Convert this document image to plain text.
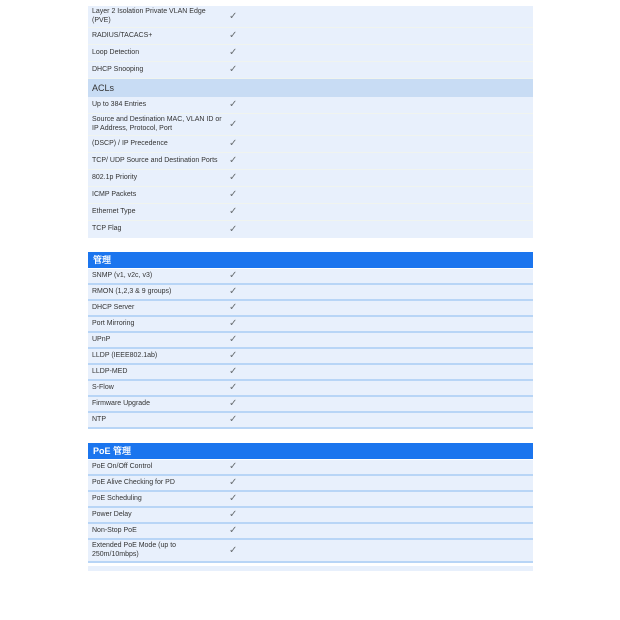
Layer 2 Isolation Private VLAN Edge (PVE)	✓
RADIUS/TACACS+	✓
Loop Detection	✓
DHCP Snooping	✓
ACLs
Up to 384 Entries	✓
Source and Destination MAC, VLAN ID or IP Address, Protocol, Port	✓
(DSCP) / IP Precedence	✓
TCP/ UDP Source and Destination Ports	✓
802.1p Priority	✓
ICMP Packets	✓
Ethernet Type	✓
TCP Flag	✓
管理
SNMP (v1, v2c, v3)	✓
RMON (1,2,3 & 9 groups)	✓
DHCP Server	✓
Port Mirroring	✓
UPnP	✓
LLDP (IEEE802.1ab)	✓
LLDP-MED	✓
S-Flow	✓
Firmware Upgrade	✓
NTP	✓
PoE 管理
PoE On/Off Control	✓
PoE Alive Checking for PD	✓
PoE Scheduling	✓
Power Delay	✓
Non-Stop PoE	✓
Extended PoE Mode (up to 250m/10mbps)	✓
